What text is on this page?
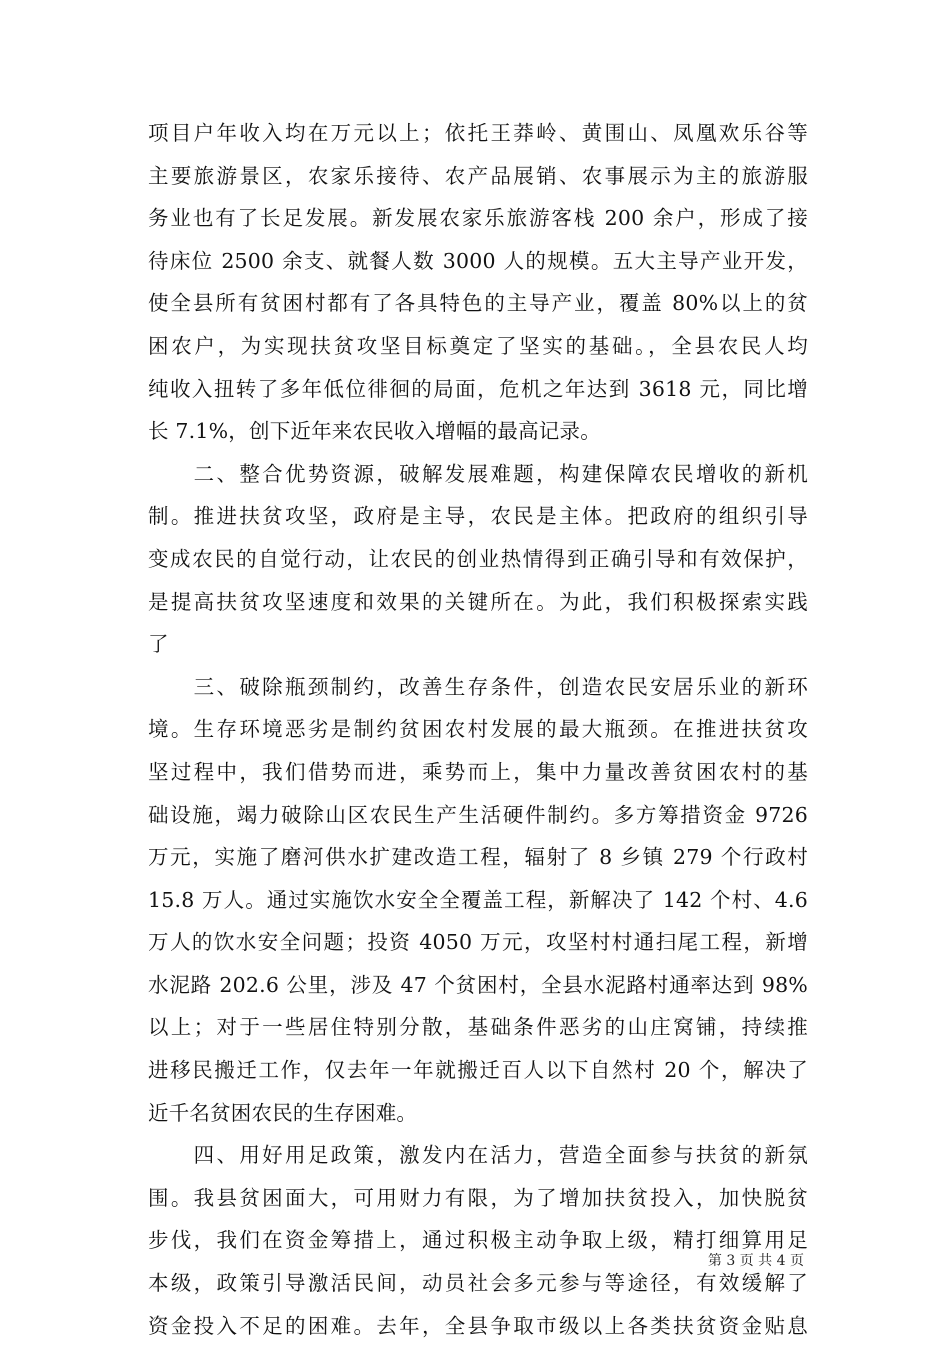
项目户年收入均在万元以上；依托王莽岭、黄围山、凤凰欢乐谷等
主要旅游景区，农家乐接待、农产品展销、农事展示为主的旅游服
务业也有了长足发展。新发展农家乐旅游客栈 200 余户，形成了接
待床位 2500 余支、就餐人数 3000 人的规模。五大主导产业开发，
使全县所有贫困村都有了各具特色的主导产业，覆盖 80%以上的贫
困农户，为实现扶贫攻坚目标奠定了坚实的基础。，全县农民人均
纯收入扭转了多年低位徘徊的局面，危机之年达到 3618 元，同比增
长 7.1%，创下近年来农民收入增幅的最高记录。
　　二、整合优势资源，破解发展难题，构建保障农民增收的新机
制。推进扶贫攻坚，政府是主导，农民是主体。把政府的组织引导
变成农民的自觉行动，让农民的创业热情得到正确引导和有效保护，
是提高扶贫攻坚速度和效果的关键所在。为此，我们积极探索实践
了
　　三、破除瓶颈制约，改善生存条件，创造农民安居乐业的新环
境。生存环境恶劣是制约贫困农村发展的最大瓶颈。在推进扶贫攻
坚过程中，我们借势而进，乘势而上，集中力量改善贫困农村的基
础设施，竭力破除山区农民生产生活硬件制约。多方筹措资金 9726
万元，实施了磨河供水扩建改造工程，辐射了 8 乡镇 279 个行政村
15.8 万人。通过实施饮水安全全覆盖工程，新解决了 142 个村、4.6
万人的饮水安全问题；投资 4050 万元，攻坚村村通扫尾工程，新增
水泥路 202.6 公里，涉及 47 个贫困村，全县水泥路村通率达到 98%
以上；对于一些居住特别分散，基础条件恶劣的山庄窝铺，持续推
进移民搬迁工作，仅去年一年就搬迁百人以下自然村 20 个，解决了
近千名贫困农民的生存困难。
　　四、用好用足政策，激发内在活力，营造全面参与扶贫的新氛
围。我县贫困面大，可用财力有限，为了增加扶贫投入，加快脱贫
步伐，我们在资金筹措上，通过积极主动争取上级，精打细算用足
本级，政策引导激活民间，动员社会多元参与等途径，有效缓解了
资金投入不足的困难。去年，全县争取市级以上各类扶贫资金贴息
第 3 页 共 4 页
